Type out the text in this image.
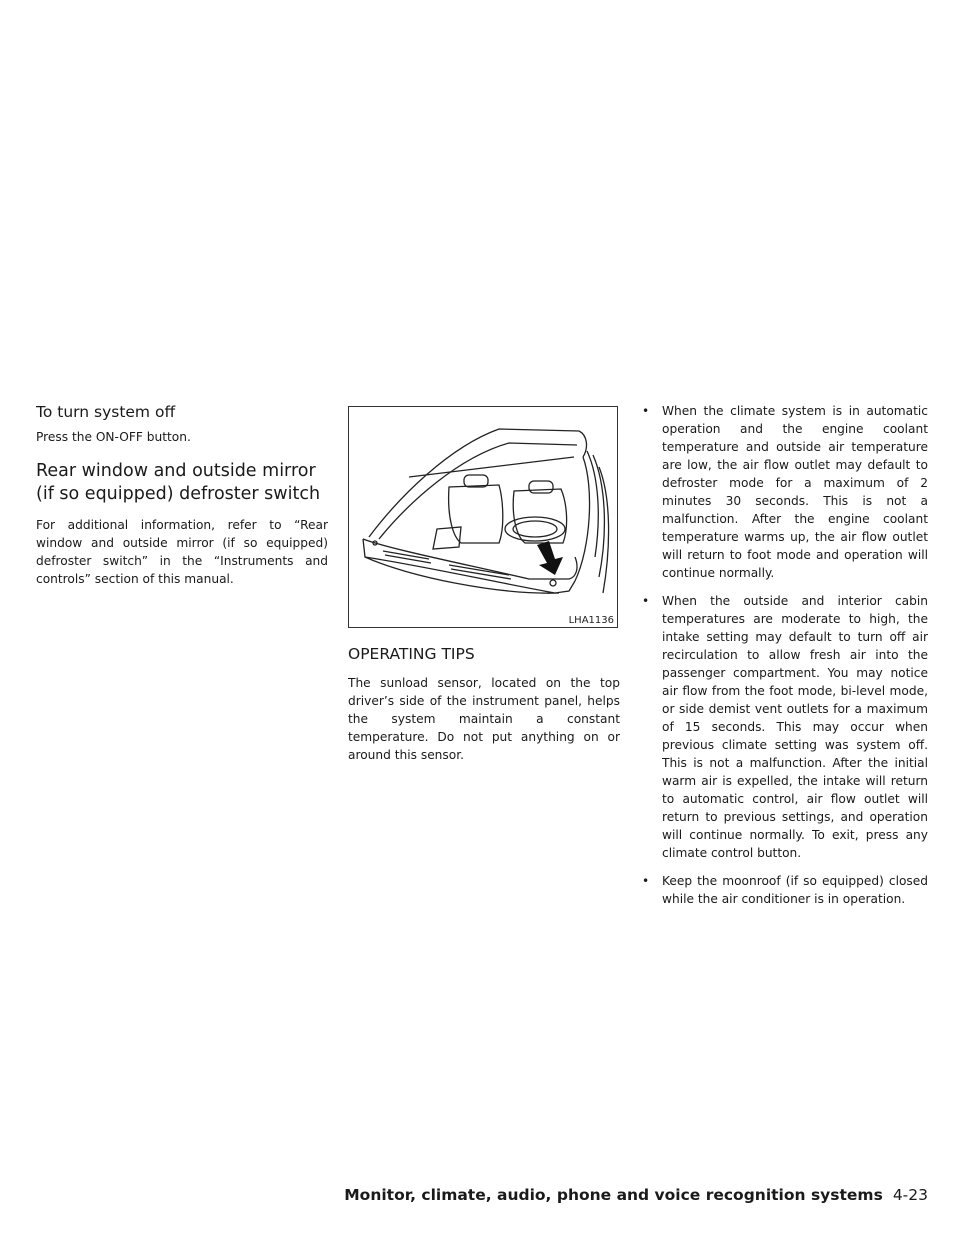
To turn system off

Press the ON-OFF button.

Rear window and outside mirror (if so equipped) defroster switch

For additional information, refer to “Rear window and outside mirror (if so equipped) defroster switch” in the “Instruments and controls” section of this manual.

LHA1136
OPERATING TIPS

The sunload sensor, located on the top driver’s side of the instrument panel, helps the system maintain a constant temperature. Do not put anything on or around this sensor.

• When the climate system is in automatic operation and the engine coolant temperature and outside air temperature are low, the air flow outlet may default to defroster mode for a maximum of 2 minutes 30 seconds. This is not a malfunction. After the engine coolant temperature warms up, the air flow outlet will return to foot mode and operation will continue normally.
• When the outside and interior cabin temperatures are moderate to high, the intake setting may default to turn off air recirculation to allow fresh air into the passenger compartment. You may notice air flow from the foot mode, bi-level mode, or side demist vent outlets for a maximum of 15 seconds. This may occur when previous climate setting was system off. This is not a malfunction. After the initial warm air is expelled, the intake will return to automatic control, air flow outlet will return to previous settings, and operation will continue normally. To exit, press any climate control button.
• Keep the moonroof (if so equipped) closed while the air conditioner is in operation.
Monitor, climate, audio, phone and voice recognition systems 4-23
